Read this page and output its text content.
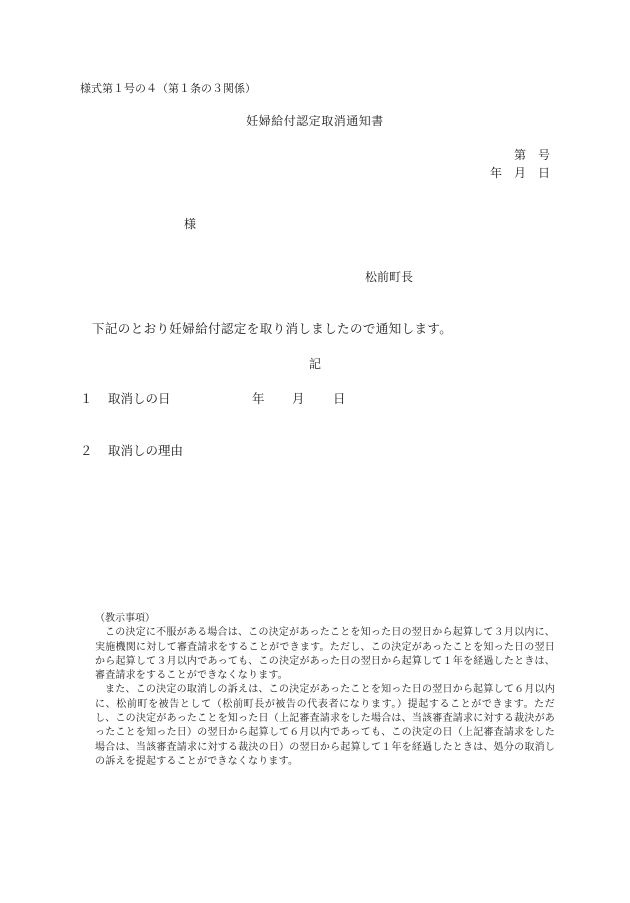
様式第１号の４（第１条の３関係）
妊婦給付認定取消通知書
第　号
年　月　日
様
松前町長
下記のとおり妊婦給付認定を取り消しましたので通知します。
記
１ 取消しの日	年 月 日
２ 取消しの理由
（教示事項）

この決定に不服がある場合は、この決定があったことを知った日の翌日から起算して３月以内に、実施機関に対して審査請求をすることができます。ただし、この決定があったことを知った日の翌日から起算して３月以内であっても、この決定があった日の翌日から起算して１年を経過したときは、審査請求をすることができなくなります。

また、この決定の取消しの訴えは、この決定があったことを知った日の翌日から起算して６月以内に、松前町を被告として（松前町長が被告の代表者になります。）提起することができます。ただし、この決定があったことを知った日（上記審査請求をした場合は、当該審査請求に対する裁決があったことを知った日）の翌日から起算して６月以内であっても、この決定の日（上記審査請求をした場合は、当該審査請求に対する裁決の日）の翌日から起算して１年を経過したときは、処分の取消しの訴えを提起することができなくなります。
